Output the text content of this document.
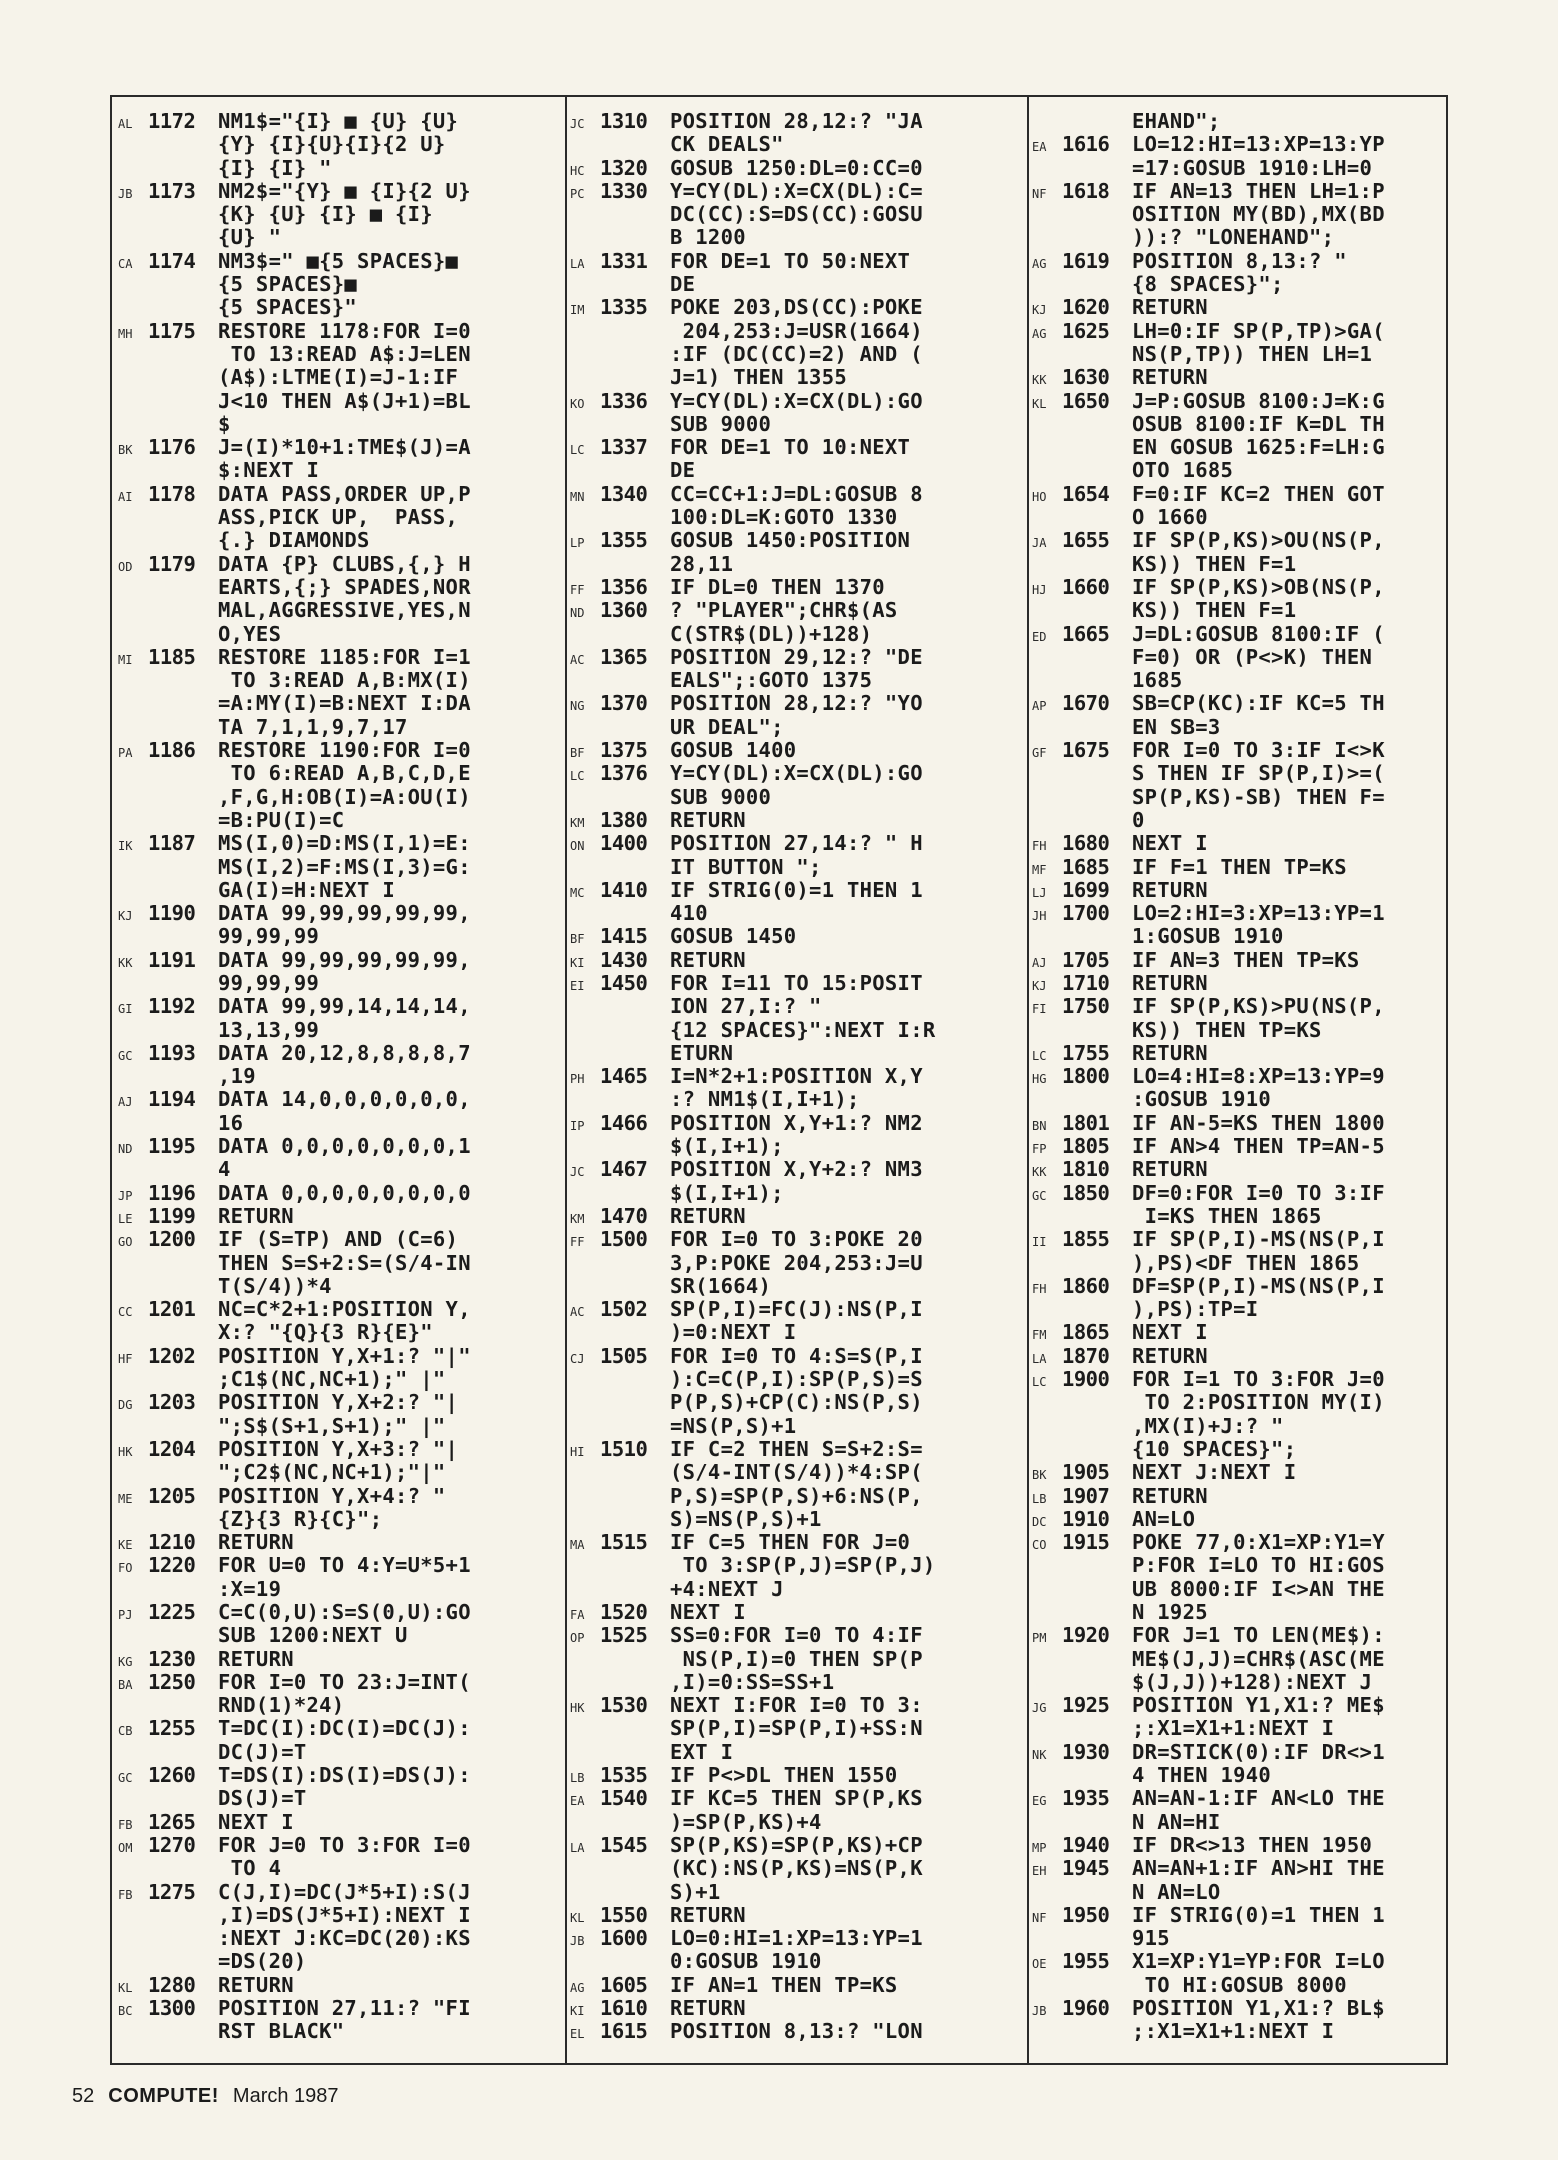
AL 1172	NM1$="{I} ■ {U} {U}
{Y} {I}{U}{I}{2 U}
{I} {I} "
JB 1173	NM2$="{Y} ■ {I}{2 U}
{K} {U} {I} ■ {I}
{U} "
CA 1174	NM3$=" ■{5 SPACES}■
{5 SPACES}■
{5 SPACES}"
MH 1175	RESTORE 1178:FOR I=0
TO 13:READ A$:J=LEN
(A$):LTME(I)=J-1:IF
J<10 THEN A$(J+1)=BL
$
BK 1176	J=(I)*10+1:TME$(J)=A
$:NEXT I
AI 1178	DATA PASS,ORDER UP,P
ASS,PICK UP,  PASS,
{.} DIAMONDS
OD 1179	DATA {P} CLUBS,{,} H
EARTS,{;} SPADES,NOR
MAL,AGGRESSIVE,YES,N
O,YES
MI 1185	RESTORE 1185:FOR I=1
TO 3:READ A,B:MX(I)
=A:MY(I)=B:NEXT I:DA
TA 7,1,1,9,7,17
PA 1186	RESTORE 1190:FOR I=0
TO 6:READ A,B,C,D,E
,F,G,H:OB(I)=A:OU(I)
=B:PU(I)=C
IK 1187	MS(I,0)=D:MS(I,1)=E:
MS(I,2)=F:MS(I,3)=G:
GA(I)=H:NEXT I
KJ 1190	DATA 99,99,99,99,99,
99,99,99
KK 1191	DATA 99,99,99,99,99,
99,99,99
GI 1192	DATA 99,99,14,14,14,
13,13,99
GC 1193	DATA 20,12,8,8,8,8,7
,19
AJ 1194	DATA 14,0,0,0,0,0,0,
16
ND 1195	DATA 0,0,0,0,0,0,0,1
4
JP 1196	DATA 0,0,0,0,0,0,0,0
LE 1199	RETURN
GO 1200	IF (S=TP) AND (C=6)
THEN S=S+2:S=(S/4-IN
T(S/4))*4
CC 1201	NC=C*2+1:POSITION Y,
X:? "{Q}{3 R}{E}"
HF 1202	POSITION Y,X+1:? "|"
;C1$(NC,NC+1);" |"
DG 1203	POSITION Y,X+2:? "|
";S$(S+1,S+1);" |"
HK 1204	POSITION Y,X+3:? "|
";C2$(NC,NC+1);"|"
ME 1205	POSITION Y,X+4:? "
{Z}{3 R}{C}";
KE 1210	RETURN
FO 1220	FOR U=0 TO 4:Y=U*5+1
:X=19
PJ 1225	C=C(0,U):S=S(0,U):GO
SUB 1200:NEXT U
KG 1230	RETURN
BA 1250	FOR I=0 TO 23:J=INT(
RND(1)*24)
CB 1255	T=DC(I):DC(I)=DC(J):
DC(J)=T
GC 1260	T=DS(I):DS(I)=DS(J):
DS(J)=T
FB 1265	NEXT I
OM 1270	FOR J=0 TO 3:FOR I=0
TO 4
FB 1275	C(J,I)=DC(J*5+I):S(J
,I)=DS(J*5+I):NEXT I
:NEXT J:KC=DC(20):KS
=DS(20)
KL 1280	RETURN
BC 1300	POSITION 27,11:? "FI
RST BLACK"
JC 1310	POSITION 28,12:? "JA
CK DEALS"
HC 1320	GOSUB 1250:DL=0:CC=0
PC 1330	Y=CY(DL):X=CX(DL):C=
DC(CC):S=DS(CC):GOSU
B 1200
LA 1331	FOR DE=1 TO 50:NEXT
DE
IM 1335	POKE 203,DS(CC):POKE
204,253:J=USR(1664)
:IF (DC(CC)=2) AND (
J=1) THEN 1355
KO 1336	Y=CY(DL):X=CX(DL):GO
SUB 9000
LC 1337	FOR DE=1 TO 10:NEXT
DE
MN 1340	CC=CC+1:J=DL:GOSUB 8
100:DL=K:GOTO 1330
LP 1355	GOSUB 1450:POSITION
28,11
FF 1356	IF DL=0 THEN 1370
ND 1360	? "PLAYER";CHR$(AS
C(STR$(DL))+128)
AC 1365	POSITION 29,12:? "DE
EALS";:GOTO 1375
NG 1370	POSITION 28,12:? "YO
UR DEAL";
BF 1375	GOSUB 1400
LC 1376	Y=CY(DL):X=CX(DL):GO
SUB 9000
KM 1380	RETURN
ON 1400	POSITION 27,14:? " H
IT BUTTON ";
MC 1410	IF STRIG(0)=1 THEN 1
410
BF 1415	GOSUB 1450
KI 1430	RETURN
EI 1450	FOR I=11 TO 15:POSIT
ION 27,I:? "
{12 SPACES}":NEXT I:R
ETURN
PH 1465	I=N*2+1:POSITION X,Y
:? NM1$(I,I+1);
IP 1466	POSITION X,Y+1:? NM2
$(I,I+1);
JC 1467	POSITION X,Y+2:? NM3
$(I,I+1);
KM 1470	RETURN
FF 1500	FOR I=0 TO 3:POKE 20
3,P:POKE 204,253:J=U
SR(1664)
AC 1502	SP(P,I)=FC(J):NS(P,I
)=0:NEXT I
CJ 1505	FOR I=0 TO 4:S=S(P,I
):C=C(P,I):SP(P,S)=S
P(P,S)+CP(C):NS(P,S)
=NS(P,S)+1
HI 1510	IF C=2 THEN S=S+2:S=
(S/4-INT(S/4))*4:SP(
P,S)=SP(P,S)+6:NS(P,
S)=NS(P,S)+1
MA 1515	IF C=5 THEN FOR J=0
TO 3:SP(P,J)=SP(P,J)
+4:NEXT J
FA 1520	NEXT I
OP 1525	SS=0:FOR I=0 TO 4:IF
NS(P,I)=0 THEN SP(P
,I)=0:SS=SS+1
HK 1530	NEXT I:FOR I=0 TO 3:
SP(P,I)=SP(P,I)+SS:N
EXT I
LB 1535	IF P<>DL THEN 1550
EA 1540	IF KC=5 THEN SP(P,KS
)=SP(P,KS)+4
LA 1545	SP(P,KS)=SP(P,KS)+CP
(KC):NS(P,KS)=NS(P,K
S)+1
KL 1550	RETURN
JB 1600	LO=0:HI=1:XP=13:YP=1
0:GOSUB 1910
AG 1605	IF AN=1 THEN TP=KS
KI 1610	RETURN
EL 1615	POSITION 8,13:? "LON
EHAND";
EA 1616	LO=12:HI=13:XP=13:YP
=17:GOSUB 1910:LH=0
NF 1618	IF AN=13 THEN LH=1:P
OSITION MY(BD),MX(BD
)):? "LONEHAND";
AG 1619	POSITION 8,13:? "
{8 SPACES}";
KJ 1620	RETURN
AG 1625	LH=0:IF SP(P,TP)>GA(
NS(P,TP)) THEN LH=1
KK 1630	RETURN
KL 1650	J=P:GOSUB 8100:J=K:G
OSUB 8100:IF K=DL TH
EN GOSUB 1625:F=LH:G
OTO 1685
HO 1654	F=0:IF KC=2 THEN GOT
O 1660
JA 1655	IF SP(P,KS)>OU(NS(P,
KS)) THEN F=1
HJ 1660	IF SP(P,KS)>OB(NS(P,
KS)) THEN F=1
ED 1665	J=DL:GOSUB 8100:IF (
F=0) OR (P<>K) THEN
1685
AP 1670	SB=CP(KC):IF KC=5 TH
EN SB=3
GF 1675	FOR I=0 TO 3:IF I<>K
S THEN IF SP(P,I)>=(
SP(P,KS)-SB) THEN F=
0
FH 1680	NEXT I
MF 1685	IF F=1 THEN TP=KS
LJ 1699	RETURN
JH 1700	LO=2:HI=3:XP=13:YP=1
1:GOSUB 1910
AJ 1705	IF AN=3 THEN TP=KS
KJ 1710	RETURN
FI 1750	IF SP(P,KS)>PU(NS(P,
KS)) THEN TP=KS
LC 1755	RETURN
HG 1800	LO=4:HI=8:XP=13:YP=9
:GOSUB 1910
BN 1801	IF AN-5=KS THEN 1800
FP 1805	IF AN>4 THEN TP=AN-5
KK 1810	RETURN
GC 1850	DF=0:FOR I=0 TO 3:IF
I=KS THEN 1865
II 1855	IF SP(P,I)-MS(NS(P,I
),PS)<DF THEN 1865
FH 1860	DF=SP(P,I)-MS(NS(P,I
),PS):TP=I
FM 1865	NEXT I
LA 1870	RETURN
LC 1900	FOR I=1 TO 3:FOR J=0
TO 2:POSITION MY(I)
,MX(I)+J:? "
{10 SPACES}";
BK 1905	NEXT J:NEXT I
LB 1907	RETURN
DC 1910	AN=LO
CO 1915	POKE 77,0:X1=XP:Y1=Y
P:FOR I=LO TO HI:GOS
UB 8000:IF I<>AN THE
N 1925
PM 1920	FOR J=1 TO LEN(ME$):
ME$(J,J)=CHR$(ASC(ME
$(J,J))+128):NEXT J
JG 1925	POSITION Y1,X1:? ME$
;:X1=X1+1:NEXT I
NK 1930	DR=STICK(0):IF DR<>1
4 THEN 1940
EG 1935	AN=AN-1:IF AN<LO THE
N AN=HI
MP 1940	IF DR<>13 THEN 1950
EH 1945	AN=AN+1:IF AN>HI THE
N AN=LO
NF 1950	IF STRIG(0)=1 THEN 1
915
OE 1955	X1=XP:Y1=YP:FOR I=LO
TO HI:GOSUB 8000
JB 1960	POSITION Y1,X1:? BL$
;:X1=X1+1:NEXT I
52 COMPUTE! March 1987
